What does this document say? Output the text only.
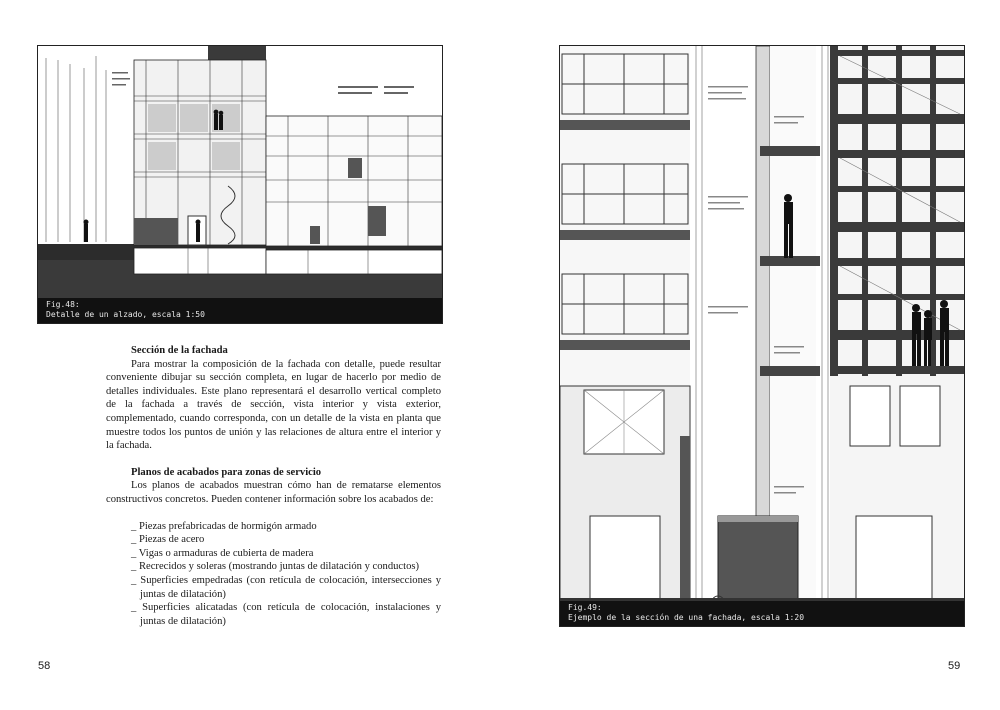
Fig.48:
Detalle de un alzado, escala 1:50
Sección de la fachada

Para mostrar la composición de la fachada con detalle, puede resultar conveniente dibujar su sección completa, en lugar de hacerlo por medio de detalles individuales. Este plano representará el desarrollo vertical completo de la fachada a través de sección, vista interior y vista exterior, complementado, cuando corresponda, con un detalle de la vista en planta que muestre todos los puntos de unión y las relaciones de altura entre el interior y la fachada.

Planos de acabados para zonas de servicio

Los planos de acabados muestran cómo han de rematarse elementos constructivos concretos. Pueden contener información sobre los acabados de:

_ Piezas prefabricadas de hormigón armado
_ Piezas de acero
_ Vigas o armaduras de cubierta de madera
_ Recrecidos y soleras (mostrando juntas de dilatación y conductos)
_ Superficies empedradas (con retícula de colocación, intersecciones y juntas de dilatación)
_ Superficies alicatadas (con retícula de colocación, instalaciones y juntas de dilatación)
Fig.49:
Ejemplo de la sección de una fachada, escala 1:20
58	59
